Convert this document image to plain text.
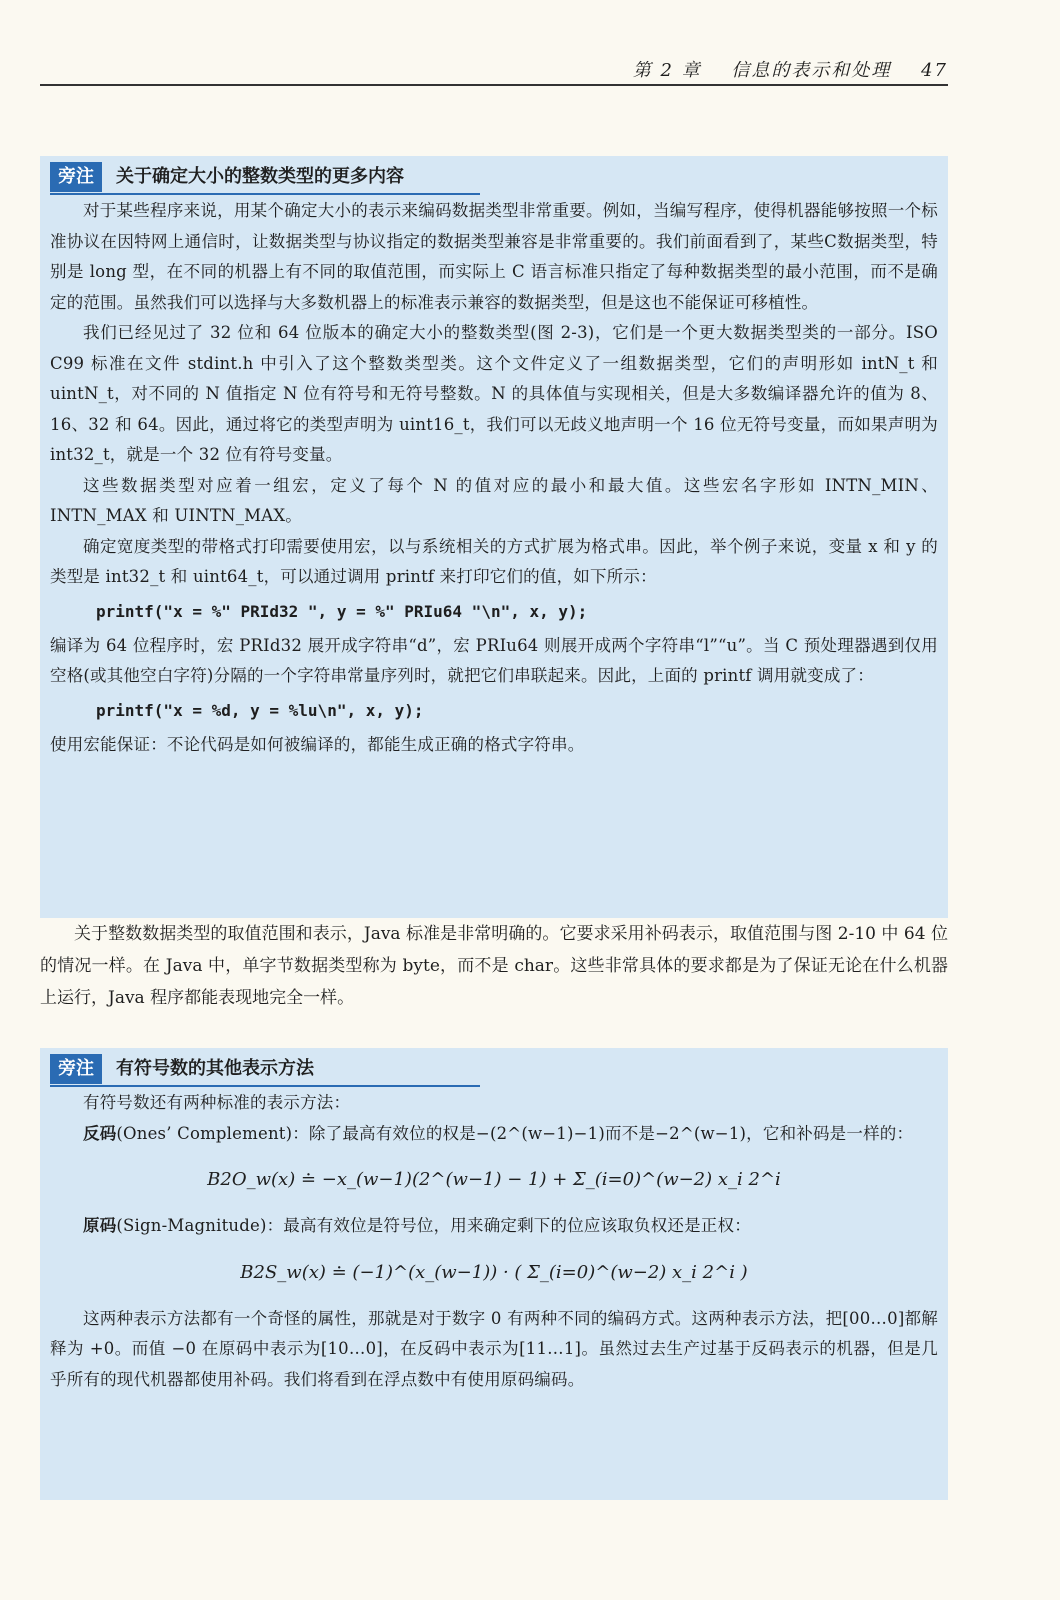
第 2 章 信息的表示和处理 47
旁注	关于确定大小的整数类型的更多内容

对于某些程序来说，用某个确定大小的表示来编码数据类型非常重要。例如，当编写程序，使得机器能够按照一个标准协议在因特网上通信时，让数据类型与协议指定的数据类型兼容是非常重要的。我们前面看到了，某些C数据类型，特别是 long 型，在不同的机器上有不同的取值范围，而实际上 C 语言标准只指定了每种数据类型的最小范围，而不是确定的范围。虽然我们可以选择与大多数机器上的标准表示兼容的数据类型，但是这也不能保证可移植性。

我们已经见过了 32 位和 64 位版本的确定大小的整数类型(图 2-3)，它们是一个更大数据类型类的一部分。ISO C99 标准在文件 stdint.h 中引入了这个整数类型类。这个文件定义了一组数据类型，它们的声明形如 intN_t 和 uintN_t，对不同的 N 值指定 N 位有符号和无符号整数。N 的具体值与实现相关，但是大多数编译器允许的值为 8、16、32 和 64。因此，通过将它的类型声明为 uint16_t，我们可以无歧义地声明一个 16 位无符号变量，而如果声明为 int32_t，就是一个 32 位有符号变量。

这些数据类型对应着一组宏，定义了每个 N 的值对应的最小和最大值。这些宏名字形如 INTN_MIN、INTN_MAX 和 UINTN_MAX。

确定宽度类型的带格式打印需要使用宏，以与系统相关的方式扩展为格式串。因此，举个例子来说，变量 x 和 y 的类型是 int32_t 和 uint64_t，可以通过调用 printf 来打印它们的值，如下所示：

printf("x = %" PRId32 ", y = %" PRIu64 "\n", x, y);

编译为 64 位程序时，宏 PRId32 展开成字符串“d”，宏 PRIu64 则展开成两个字符串“l”“u”。当 C 预处理器遇到仅用空格(或其他空白字符)分隔的一个字符串常量序列时，就把它们串联起来。因此，上面的 printf 调用就变成了：

printf("x = %d, y = %lu\n", x, y);

使用宏能保证：不论代码是如何被编译的，都能生成正确的格式字符串。

关于整数数据类型的取值范围和表示，Java 标准是非常明确的。它要求采用补码表示，取值范围与图 2-10 中 64 位的情况一样。在 Java 中，单字节数据类型称为 byte，而不是 char。这些非常具体的要求都是为了保证无论在什么机器上运行，Java 程序都能表现地完全一样。

旁注	有符号数的其他表示方法

有符号数还有两种标准的表示方法：

反码(Ones’ Complement)：除了最高有效位的权是−(2^(w−1)−1)而不是−2^(w−1)，它和补码是一样的：

B2O_w(x) ≐ −x_(w−1)(2^(w−1) − 1) + Σ_(i=0)^(w−2) x_i 2^i

原码(Sign-Magnitude)：最高有效位是符号位，用来确定剩下的位应该取负权还是正权：

B2S_w(x) ≐ (−1)^(x_(w−1)) · ( Σ_(i=0)^(w−2) x_i 2^i )

这两种表示方法都有一个奇怪的属性，那就是对于数字 0 有两种不同的编码方式。这两种表示方法，把[00…0]都解释为 +0。而值 −0 在原码中表示为[10…0]，在反码中表示为[11…1]。虽然过去生产过基于反码表示的机器，但是几乎所有的现代机器都使用补码。我们将看到在浮点数中有使用原码编码。
